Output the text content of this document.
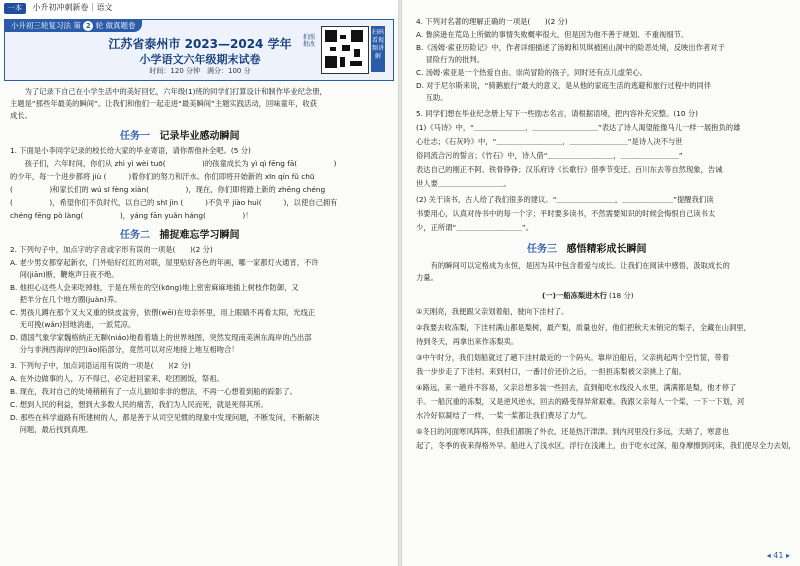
一本 小升初冲刺新卷｜语文
小升初三轮复习法 第 2 轮 做真题卷
江苏省泰州市 2023—2024 学年
小学语文六年级期末试卷
时间：120 分钟　满分：100 分
拍照批改
扫码看视频讲解
　　为了记录下自己在小学生活中的美好回忆，六年级(1)班的同学们打算设计和制作毕业纪念册，
主题是“那些年最美的瞬间”。让我们和他们一起走进“最美瞬间”主题实践活动，回味童年，收获
成长。
任务一 记录毕业感动瞬间
1. 下面是小李同学记录的校长给大家的毕业寄语，请你帮他补全吧。(5 分)
　　孩子们，六年时间，你们从 zhì yì wèi tuō(　　　　　)的孩童成长为 yì qì fēng fā(　　　　　)
的少年，每一个进步都将 jiù (　　　)着你们的努力和汗水。你们即将开始新的 xīn qín fǔ chū
(　　　　　)和家长们的 wú sī fèng xiàn(　　　　　)，现在，你们即将踏上新的 zhēng chéng
(　　　　　)，希望你们不负时代，以自己的 shī jìn (　　　)不负平 jiào huì(　　　)，以使自己拥有
chéng fēng pò làng(　　　　　)，yáng fān yuǎn háng(　　　　　)！
任务二 捕捉难忘学习瞬间
2. 下列句子中，加点字的字音或字形有误的一项是(　　)(2 分)
A. 老少男女都穿起新衣，门外贴好红红的对联，屋里贴好各色的年画，哪一家都灯火通宵，不许
　 间(jiān)断，鞭炮声日夜不绝。
B. 他担心这些人会来吃掉他，于是在所在的空(kōng)地上密密麻麻地插上树枝作防御，又
　 把羊分在几个地方圈(juàn)养。
C. 男孩儿蹲在那个又大又重的铁皮盆旁，依偎(wēi)在母亲怀里，用上眼睛不再看太阳，光线正
　 无可挽(wǎn)回地消逝，一派荒凉。
D. 德国气象学家魏格纳正无聊(niáo)地看着墙上的世界地图，突然发现南美洲东海岸的凸出部
　 分与非洲西海岸的凹(āo)陷部分，竟然可以对应地接上地互相吻合！
3. 下列句子中，加点词语运用有误的一项是(　　)(2 分)
A. 在外边做事的人，万不得已，必定赶回家来，吃团圆饭，祭祖。
B. 现在，我对自己的处境稍稍有了一点儿揣知非非的想法，不再一心想着到船的踪影了。
C. 想到人民的利益，想到大多数人民的痛苦，我们为人民而死，就是死得其所。
D. 那些在科学道路有所建树的人，都是善于从司空见惯的现象中发现问题，不断发问，不断解决
　 问题，最后找到真理。
4. 下列对名著的理解正确的一项是(　　)(2 分)
A. 鲁滨逊在荒岛上所做的事情失败概率很大，但是因为他不善于规划、不重视细节。
B.《汤姆·索亚历险记》中，作者详细描述了汤姆和贝琪被困山洞中的险恶处境，反映出作者对于
　 冒险行为的批判。
C. 汤姆·索亚是一个热爱自由、崇尚冒险的孩子，同时还有点儿虚荣心。
D. 对于尼尔斯来说，“骑鹅旅行”最大的意义，是从他的家庭生活的逃避和旅行过程中的同伴
　 互助。
5. 同学们想在毕业纪念册上写下一些励志名言，请根据语境，把内容补充完整。(10 分)
(1)《马诗》中，“＿＿＿＿＿＿＿，＿＿＿＿＿＿＿＿＿”表达了诗人渴望能像马儿一样一展抱负的雄
心壮志；《石灰吟》中，“＿＿＿＿＿＿＿＿＿，＿＿＿＿＿＿＿＿”是诗人决不与世
俗同流合污的誓言；《竹石》中，诗人借“＿＿＿＿＿＿＿＿＿，＿＿＿＿＿＿＿＿”
表达自己的刚正不阿、铁骨铮铮；汉乐府诗《长歌行》借季节变迁、百川东去等自然现象，告诫
世人要＿＿＿＿＿＿＿＿＿。
(2) 关于读书，古人给了我们很多的建议。“＿＿＿＿＿＿＿＿，＿＿＿＿＿＿＿”提醒我们读
书要用心，认真对待书中的每一个字；平时要多读书，不然需要知识的时候会悔恨自己读书太
少，正所谓“＿＿＿＿＿＿＿＿＿”。
任务三 感悟精彩成长瞬间
　　有的瞬间可以定格成为永恒，是因为其中包含着爱与成长。让我们在阅读中感悟，汲取成长的
力量。
(一)一船冻梨进木行 (18 分)
①天刚亮，我便跟父亲划着船，驶向下洼村了。
②我要去收冻梨，下洼村满山都是梨树，最产梨，质量也好，他们把秋天未销完的梨子，全藏在山洞里，
待到冬天，再拿出来作冻梨卖。
③中午时分，我们划船就过了趟下洼村最近的一个码头。靠岸泊船后，父亲挑起两个空竹筐，带着
我一步步走了下洼村。来到村口，一番讨价还价之后，一担担冻梨被父亲挑上了船。
④路远，来一趟并不容易，父亲总想多装一些回去，直到船吃水线没入水里，满满都是梨，他才停了
手。一船沉重的冻梨，又是逆风逆水，回去的路变得异常艰难。我跟父亲每人一个桨，一下一下划，河
水冷好似凝结了一样，一桨一桨都让我们费尽了力气。
⑤冬日的河面寒风阵阵，但我们都脱了外衣，还是热汗津津。到内河里没行多远，天暗了，寒意也
起了，冬季的夜来得格外早。船进入了浅水区，浮行在浅滩上，由于吃水过深，船身摩擦到河床，我们使尽全力去划，
◂ 41 ▸
